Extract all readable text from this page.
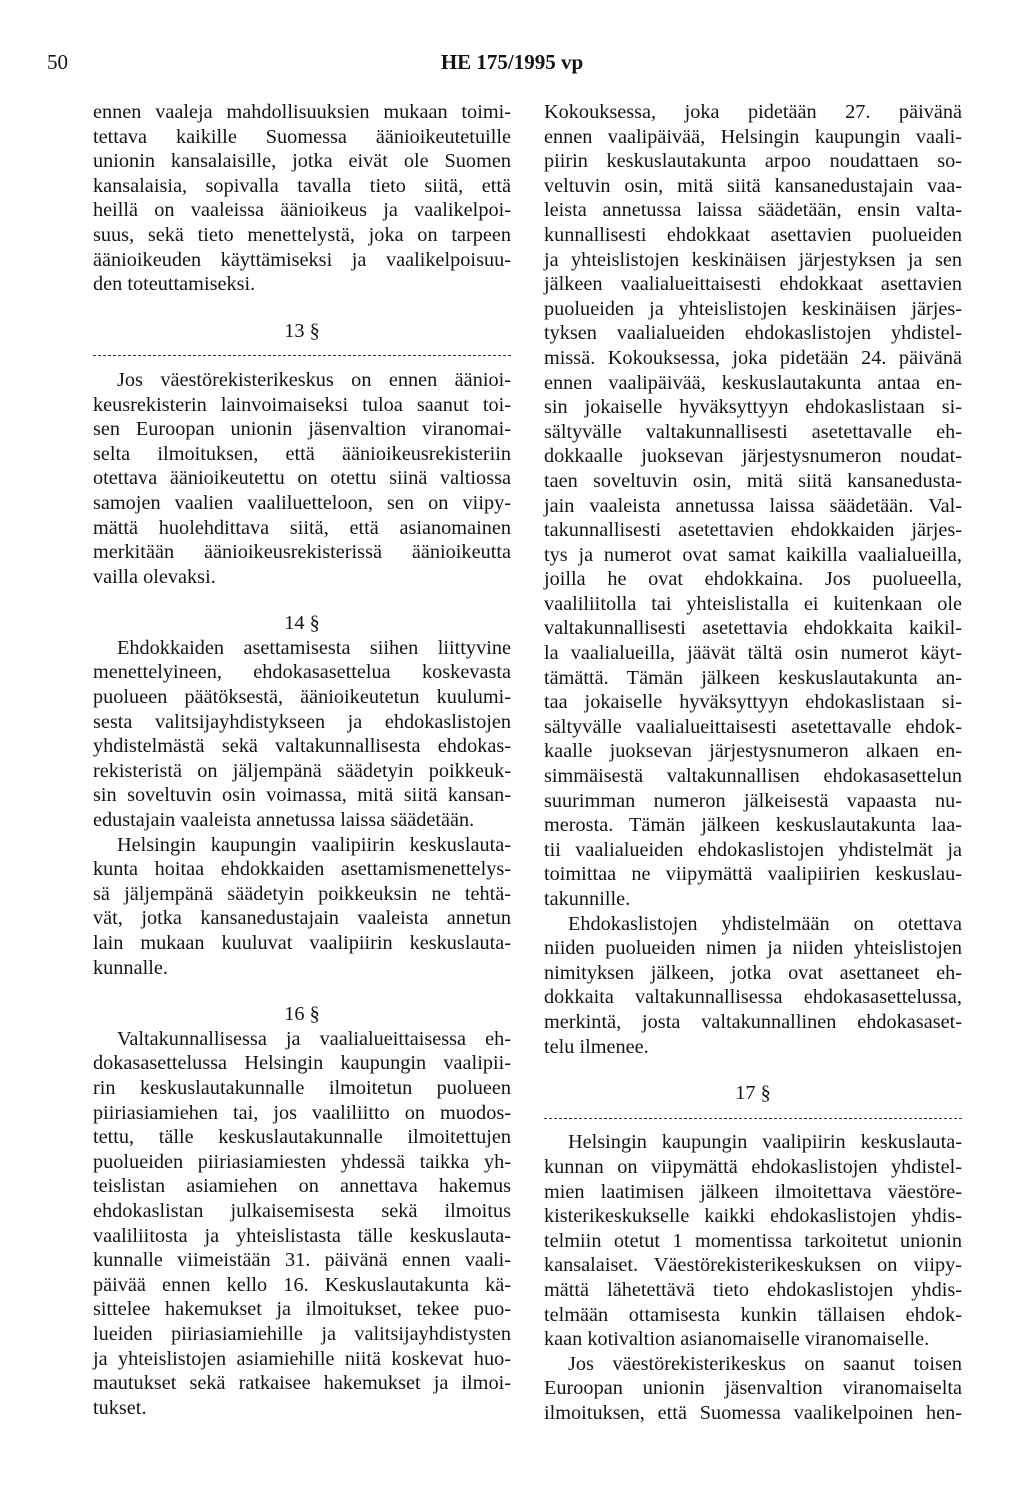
50	HE 175/1995 vp
ennen vaaleja mahdollisuuksien mukaan toimi-
tettava kaikille Suomessa äänioikeutetuille
unionin kansalaisille, jotka eivät ole Suomen
kansalaisia, sopivalla tavalla tieto siitä, että
heillä on vaaleissa äänioikeus ja vaalikelpoi-
suus, sekä tieto menettelystä, joka on tarpeen
äänioikeuden käyttämiseksi ja vaalikelpoisuu-
den toteuttamiseksi.
13 §
Jos väestörekisterikeskus on ennen äänioi-
keusrekisterin lainvoimaiseksi tuloa saanut toi-
sen Euroopan unionin jäsenvaltion viranomai-
selta ilmoituksen, että äänioikeusrekisteriin
otettava äänioikeutettu on otettu siinä valtiossa
samojen vaalien vaaliluetteloon, sen on viipy-
mättä huolehdittava siitä, että asianomainen
merkitään äänioikeusrekisterissä äänioikeutta
vailla olevaksi.
14 §
Ehdokkaiden asettamisesta siihen liittyvine
menettelyineen, ehdokasasettelua koskevasta
puolueen päätöksestä, äänioikeutetun kuulumi-
sesta valitsijayhdistykseen ja ehdokaslistojen
yhdistelmästä sekä valtakunnallisesta ehdokas-
rekisteristä on jäljempänä säädetyin poikkeuk-
sin soveltuvin osin voimassa, mitä siitä kansan-
edustajain vaaleista annetussa laissa säädetään.
Helsingin kaupungin vaalipiirin keskuslauta-
kunta hoitaa ehdokkaiden asettamismenettelys-
sä jäljempänä säädetyin poikkeuksin ne tehtä-
vät, jotka kansanedustajain vaaleista annetun
lain mukaan kuuluvat vaalipiirin keskuslauta-
kunnalle.
16 §
Valtakunnallisessa ja vaalialueittaisessa eh-
dokasasettelussa Helsingin kaupungin vaalipii-
rin keskuslautakunnalle ilmoitetun puolueen
piiriasiamiehen tai, jos vaaliliitto on muodos-
tettu, tälle keskuslautakunnalle ilmoitettujen
puolueiden piiriasiamiesten yhdessä taikka yh-
teislistan asiamiehen on annettava hakemus
ehdokaslistan julkaisemisesta sekä ilmoitus
vaaliliitosta ja yhteislistasta tälle keskuslauta-
kunnalle viimeistään 31. päivänä ennen vaali-
päivää ennen kello 16. Keskuslautakunta kä-
sittelee hakemukset ja ilmoitukset, tekee puo-
lueiden piiriasiamiehille ja valitsijayhdistysten
ja yhteislistojen asiamiehille niitä koskevat huo-
mautukset sekä ratkaisee hakemukset ja ilmoi-
tukset.
Kokouksessa, joka pidetään 27. päivänä
ennen vaalipäivää, Helsingin kaupungin vaali-
piirin keskuslautakunta arpoo noudattaen so-
veltuvin osin, mitä siitä kansanedustajain vaa-
leista annetussa laissa säädetään, ensin valta-
kunnallisesti ehdokkaat asettavien puolueiden
ja yhteislistojen keskinäisen järjestyksen ja sen
jälkeen vaalialueittaisesti ehdokkaat asettavien
puolueiden ja yhteislistojen keskinäisen järjes-
tyksen vaalialueiden ehdokaslistojen yhdistel-
missä. Kokouksessa, joka pidetään 24. päivänä
ennen vaalipäivää, keskuslautakunta antaa en-
sin jokaiselle hyväksyttyyn ehdokaslistaan si-
sältyvälle valtakunnallisesti asetettavalle eh-
dokkaalle juoksevan järjestysnumeron noudat-
taen soveltuvin osin, mitä siitä kansanedusta-
jain vaaleista annetussa laissa säädetään. Val-
takunnallisesti asetettavien ehdokkaiden järjes-
tys ja numerot ovat samat kaikilla vaalialueilla,
joilla he ovat ehdokkaina. Jos puolueella,
vaaliliitolla tai yhteislistalla ei kuitenkaan ole
valtakunnallisesti asetettavia ehdokkaita kaikil-
la vaalialueilla, jäävät tältä osin numerot käyt-
tämättä. Tämän jälkeen keskuslautakunta an-
taa jokaiselle hyväksyttyyn ehdokaslistaan si-
sältyvälle vaalialueittaisesti asetettavalle ehdok-
kaalle juoksevan järjestysnumeron alkaen en-
simmäisestä valtakunnallisen ehdokasasettelun
suurimman numeron jälkeisestä vapaasta nu-
merosta. Tämän jälkeen keskuslautakunta laa-
tii vaalialueiden ehdokaslistojen yhdistelmät ja
toimittaa ne viipymättä vaalipiirien keskuslau-
takunnille.
Ehdokaslistojen yhdistelmään on otettava
niiden puolueiden nimen ja niiden yhteislistojen
nimityksen jälkeen, jotka ovat asettaneet eh-
dokkaita valtakunnallisessa ehdokasasettelussa,
merkintä, josta valtakunnallinen ehdokasaset-
telu ilmenee.
17 §
Helsingin kaupungin vaalipiirin keskuslauta-
kunnan on viipymättä ehdokaslistojen yhdistel-
mien laatimisen jälkeen ilmoitettava väestöre-
kisterikeskukselle kaikki ehdokaslistojen yhdis-
telmiin otetut 1 momentissa tarkoitetut unionin
kansalaiset. Väestörekisterikeskuksen on viipy-
mättä lähetettävä tieto ehdokaslistojen yhdis-
telmään ottamisesta kunkin tällaisen ehdok-
kaan kotivaltion asianomaiselle viranomaiselle.
Jos väestörekisterikeskus on saanut toisen
Euroopan unionin jäsenvaltion viranomaiselta
ilmoituksen, että Suomessa vaalikelpoinen hen-
